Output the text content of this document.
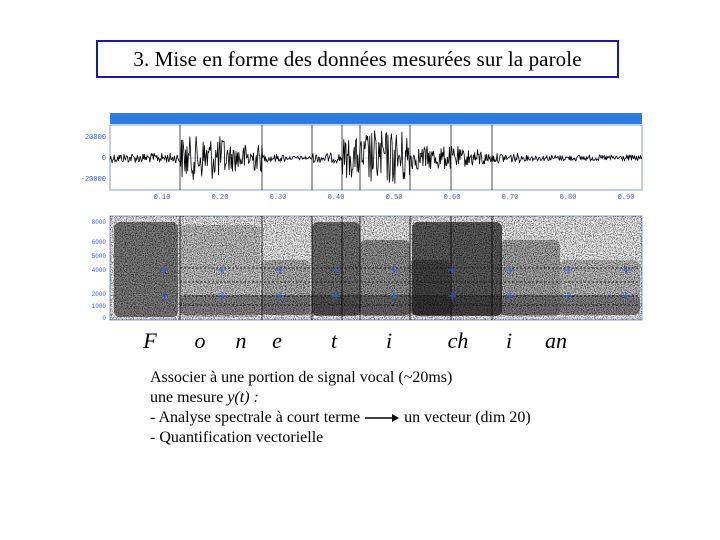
3. Mise en forme des données mesurées sur la parole
20000
0
-20000
0.10	0.20	0.30	0.40	0.50	0.60	0.70	0.80	0.90
8000
6000
5000
4000
2000
1000
0
F o n e t i	ch i an
Associer à une portion de signal vocal (~20ms)
une mesure y(t) :
- Analyse spectrale à court terme	un vecteur (dim 20)
- Quantification vectorielle
